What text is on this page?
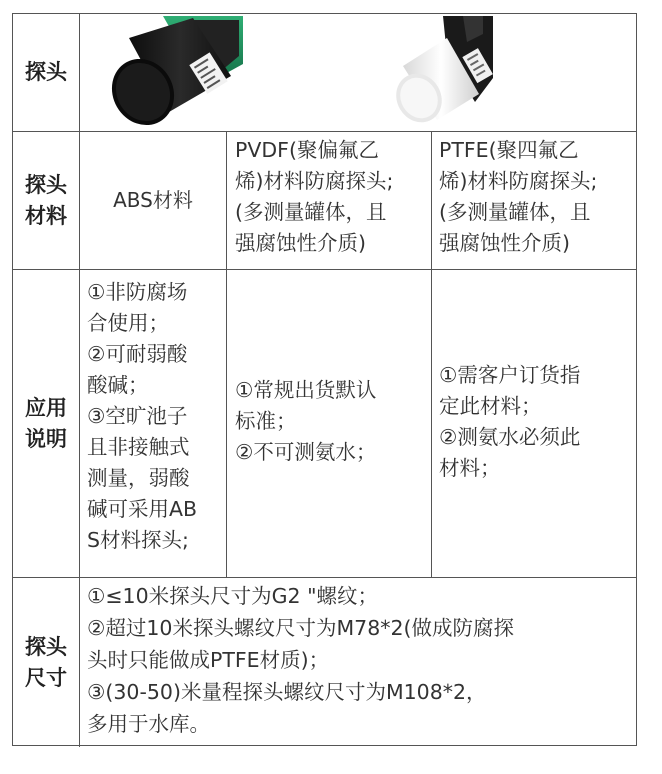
探头
探头
材料
ABS材料
PVDF(聚偏氟乙
烯)材料防腐探头;
(多测量罐体，且
强腐蚀性介质)
PTFE(聚四氟乙
烯)材料防腐探头;
(多测量罐体，且
强腐蚀性介质)
应用
说明
①非防腐场
合使用；
②可耐弱酸
酸碱；
③空旷池子
且非接触式
测量，弱酸
碱可采用AB
S材料探头;
①常规出货默认
标准；
②不可测氨水；
①需客户订货指
定此材料；
②测氨水必须此
材料；
探头
尺寸
①≤10米探头尺寸为G2 "螺纹；
②超过10米探头螺纹尺寸为M78*2(做成防腐探
头时只能做成PTFE材质)；
③(30-50)米量程探头螺纹尺寸为M108*2，
多用于水库。
